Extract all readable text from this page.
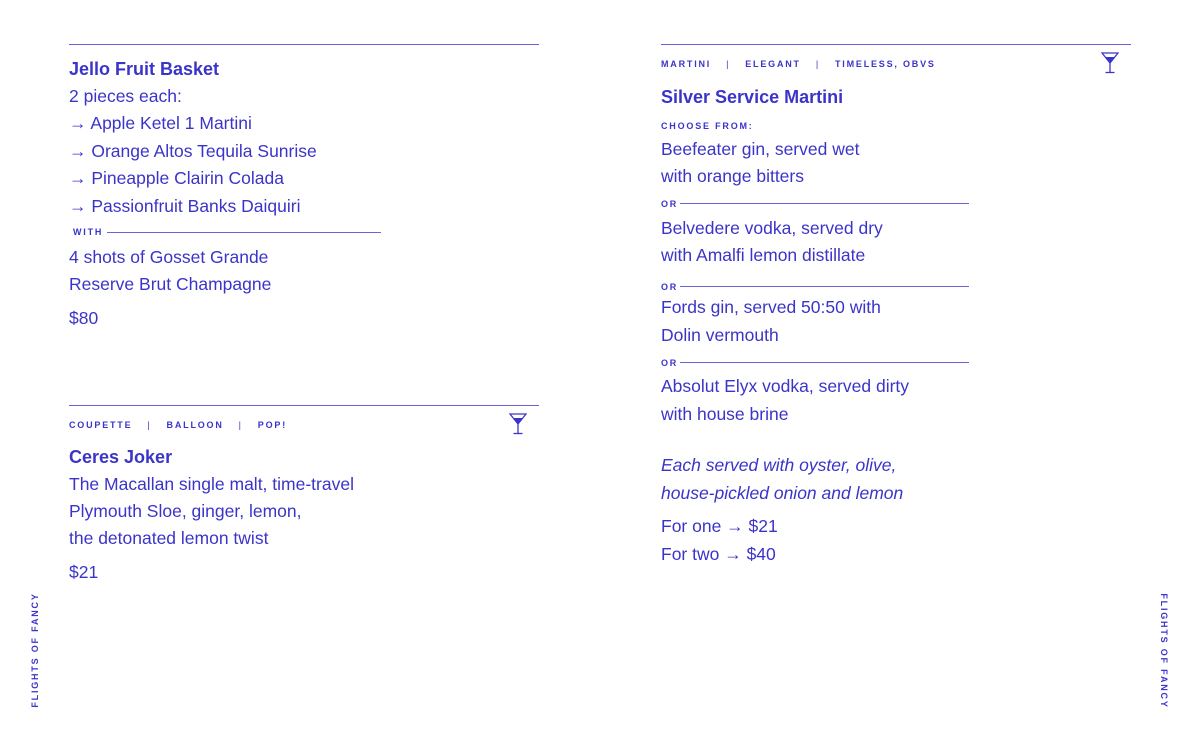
Jello Fruit Basket
2 pieces each:
→ Apple Ketel 1 Martini
→ Orange Altos Tequila Sunrise
→ Pineapple Clairin Colada
→ Passionfruit Banks Daiquiri
WITH
4 shots of Gosset Grande
Reserve Brut Champagne
$80
COUPETTE | BALLOON | POP!
Ceres Joker
The Macallan single malt, time-travel
Plymouth Sloe, ginger, lemon,
the detonated lemon twist
$21
MARTINI | ELEGANT | TIMELESS, OBVS
Silver Service Martini
CHOOSE FROM:
Beefeater gin, served wet
with orange bitters
OR
Belvedere vodka, served dry
with Amalfi lemon distillate
OR
Fords gin, served 50:50 with
Dolin vermouth
OR
Absolut Elyx vodka, served dirty
with house brine
Each served with oyster, olive,
house-pickled onion and lemon
For one → $21
For two → $40
FLIGHTS OF FANCY	FLIGHTS OF FANCY
